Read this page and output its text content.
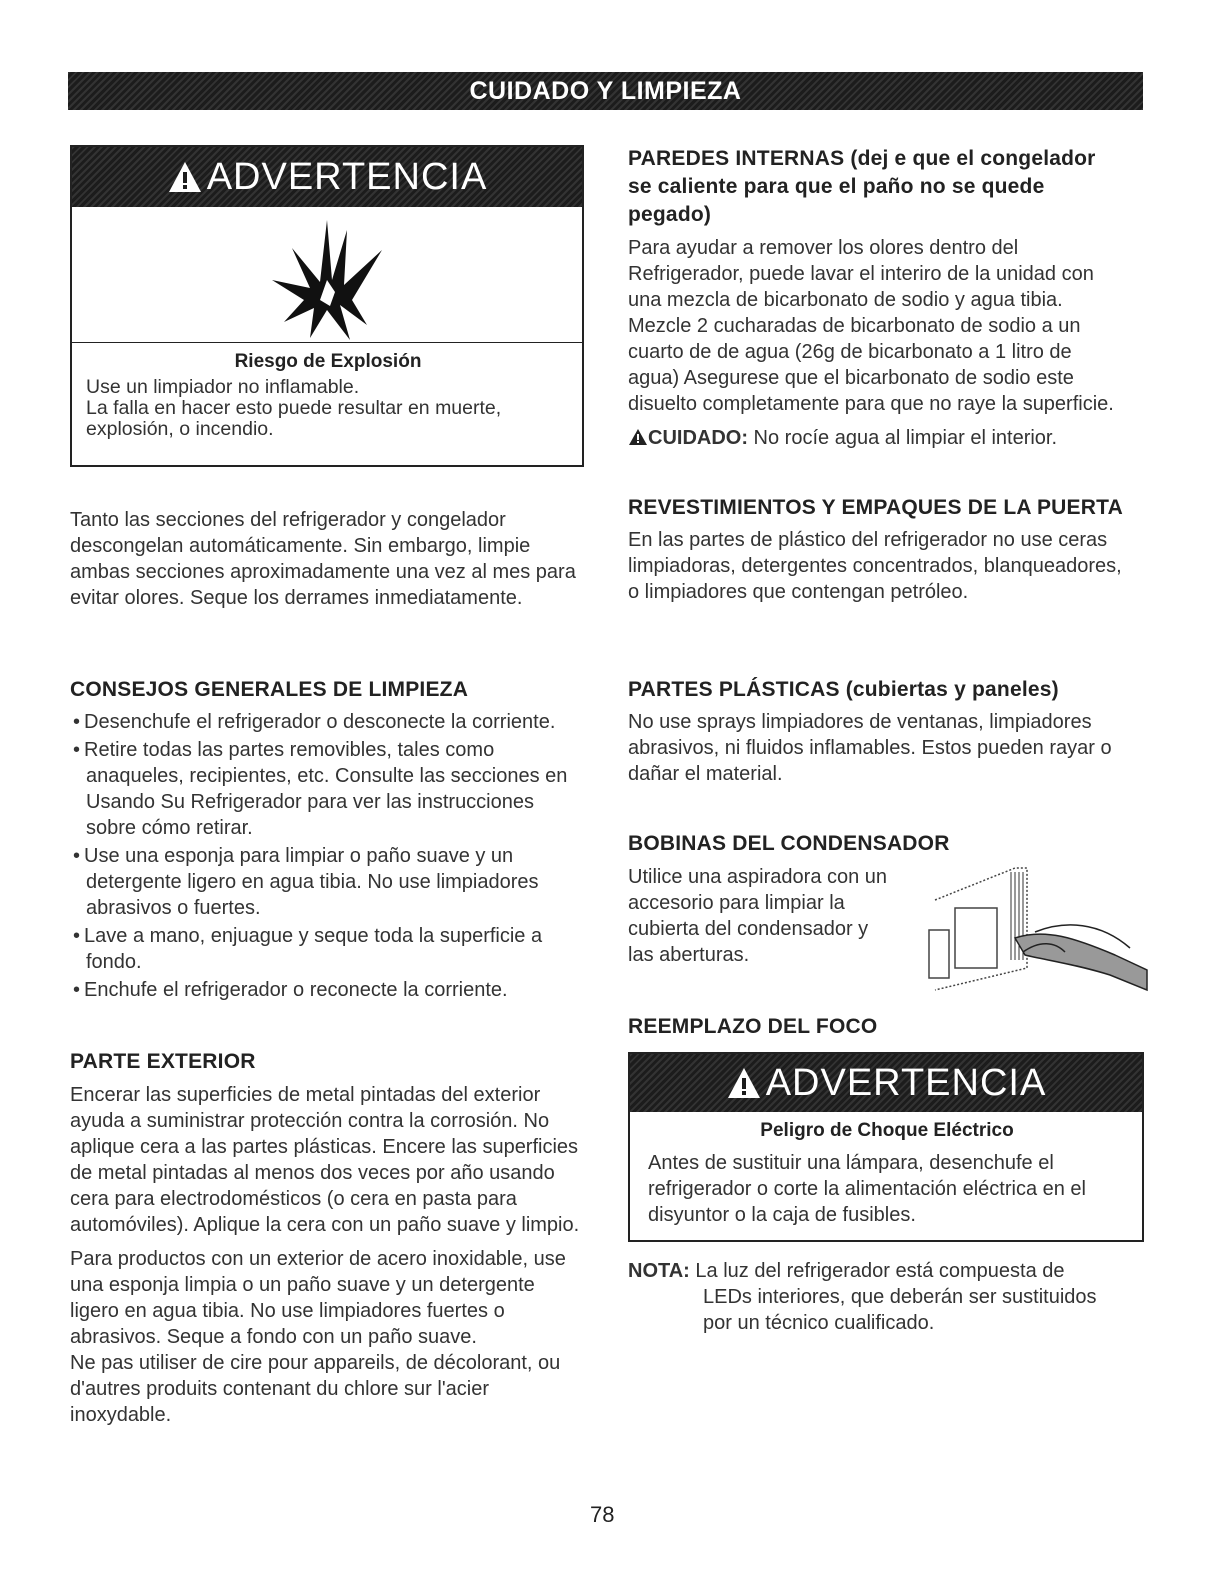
CUIDADO Y LIMPIEZA
ADVERTENCIA
Riesgo de Explosión
Use un limpiador no inflamable.
La falla en hacer esto puede resultar en muerte,
explosión, o incendio.
Tanto las secciones del refrigerador y congelador descongelan automáticamente. Sin embargo, limpie ambas secciones aproximadamente una vez al mes para evitar olores. Seque los derrames inmediatamente.
CONSEJOS GENERALES DE LIMPIEZA
• Desenchufe el refrigerador o desconecte la corriente.
• Retire todas las partes removibles, tales como anaqueles, recipientes, etc. Consulte las secciones en Usando Su Refrigerador para ver las instrucciones sobre cómo retirar.
• Use una esponja para limpiar o paño suave y un detergente ligero en agua tibia. No use limpiadores abrasivos o fuertes.
• Lave a mano, enjuague y seque toda la superficie a fondo.
• Enchufe el refrigerador o reconecte la corriente.
PARTE EXTERIOR
Encerar las superficies de metal pintadas del exterior ayuda a suministrar protección contra la corrosión. No aplique cera a las partes plásticas. Encere las superficies de metal pintadas al menos dos veces por año usando cera para electrodomésticos (o cera en pasta para automóviles). Aplique la cera con un paño suave y limpio.
Para productos con un exterior de acero inoxidable, use una esponja limpia o un paño suave y un detergente ligero en agua tibia. No use limpiadores fuertes o abrasivos. Seque a fondo con un paño suave.
Ne pas utiliser de cire pour appareils, de décolorant, ou d'autres produits contenant du chlore sur l'acier inoxydable.
PAREDES INTERNAS (dej e que el congelador se caliente para que el paño no se quede pegado)
Para ayudar a remover los olores dentro del Refrigerador, puede lavar el interiro de la unidad con una mezcla de bicarbonato de sodio y agua tibia. Mezcle 2 cucharadas de bicarbonato de sodio a un cuarto de de agua (26g de bicarbonato a 1 litro de agua) Asegurese que el bicarbonato de sodio este disuelto completamente para que no raye la superficie.
CUIDADO: No rocíe agua al limpiar el interior.
REVESTIMIENTOS Y EMPAQUES DE LA PUERTA
En las partes de plástico del refrigerador no use ceras limpiadoras, detergentes concentrados, blanqueadores, o limpiadores que contengan petróleo.
PARTES PLÁSTICAS (cubiertas y paneles)
No use sprays limpiadores de ventanas, limpiadores abrasivos, ni fluidos inflamables. Estos pueden rayar o dañar el material.
BOBINAS DEL CONDENSADOR
Utilice una aspiradora con un
accesorio para limpiar la
cubierta del condensador y
las aberturas.
REEMPLAZO DEL FOCO
ADVERTENCIA
Peligro de Choque Eléctrico
Antes de sustituir una lámpara, desenchufe el refrigerador o corte la alimentación eléctrica en el disyuntor o la caja de fusibles.
NOTA: La luz del refrigerador está compuesta de
LEDs interiores, que deberán ser sustituidos por un técnico cualificado.
78
